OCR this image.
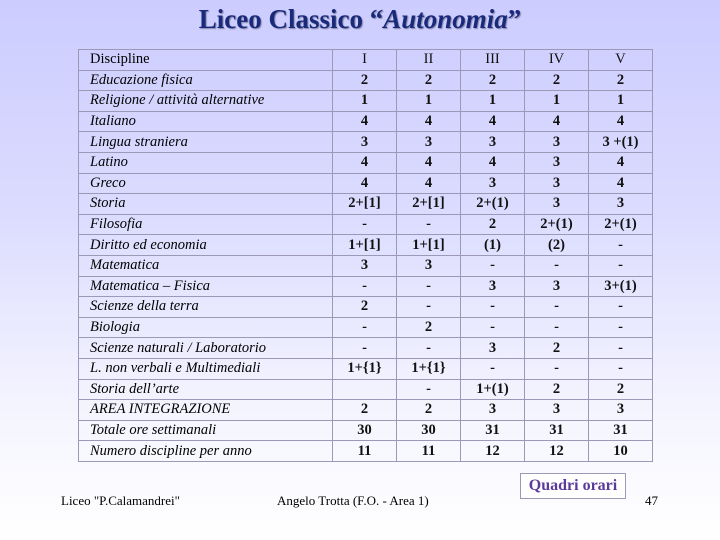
Liceo Classico “Autonomia”
Discipline	I	II	III	IV	V
Educazione fisica	2	2	2	2	2
Religione / attività alternative	1	1	1	1	1
Italiano	4	4	4	4	4
Lingua straniera	3	3	3	3	3 +(1)
Latino	4	4	4	3	4
Greco	4	4	3	3	4
Storia	2+[1]	2+[1]	2+(1)	3	3
Filosofia	-	-	2	2+(1)	2+(1)
Diritto ed economia	1+[1]	1+[1]	(1)	(2)	-
Matematica	3	3	-	-	-
Matematica – Fisica	-	-	3	3	3+(1)
Scienze della terra	2	-	-	-	-
Biologia	-	2	-	-	-
Scienze naturali / Laboratorio	-	-	3	2	-
L. non verbali e Multimediali	1+{1}	1+{1}	-	-	-
Storia dell’arte		-	1+(1)	2	2
AREA INTEGRAZIONE	2	2	3	3	3
Totale ore settimanali	30	30	31	31	31
Numero discipline per anno	11	11	12	12	10
Quadri orari
Liceo "P.Calamandrei"	Angelo Trotta (F.O. - Area 1)	47
